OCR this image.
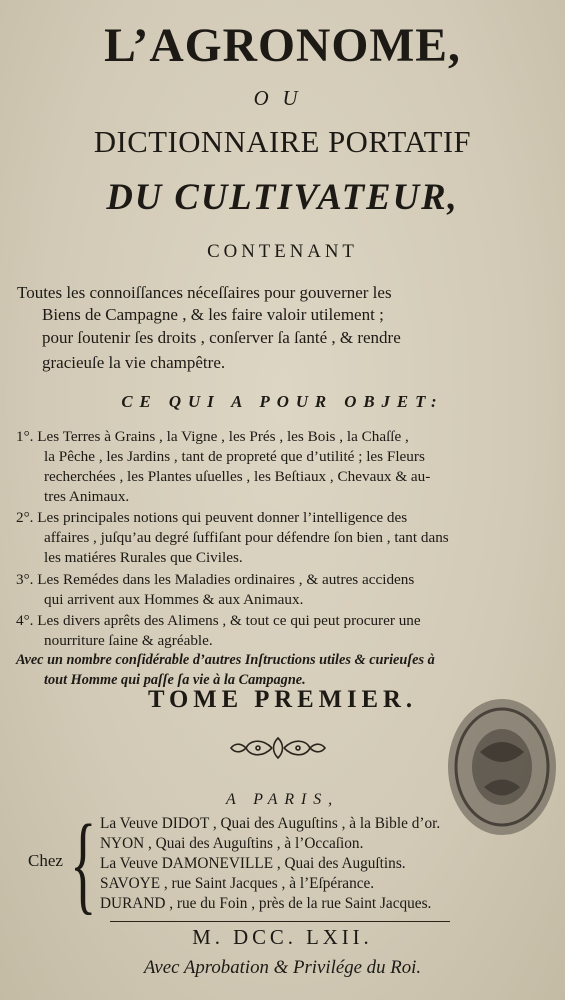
L’AGRONOME,
OU
DICTIONNAIRE PORTATIF
DU CULTIVATEUR,
CONTENANT
Toutes les connoiſſances néceſſaires pour gouverner les
Biens de Campagne , & les faire valoir utilement ;
pour ſoutenir ſes droits , conſerver ſa ſanté , & rendre
gracieuſe la vie champêtre.
CE QUI A POUR OBJET:
1°. Les Terres à Grains , la Vigne , les Prés , les Bois , la Chaſſe ,
la Pêche , les Jardins , tant de propreté que d’utilité ; les Fleurs
recherchées , les Plantes uſuelles , les Beſtiaux , Chevaux & au-
tres Animaux.
2°. Les principales notions qui peuvent donner l’intelligence des
affaires , juſqu’au degré ſuffiſant pour défendre ſon bien , tant dans
les matiéres Rurales que Civiles.
3°. Les Remédes dans les Maladies ordinaires , & autres accidens
qui arrivent aux Hommes & aux Animaux.
4°. Les divers aprêts des Alimens , & tout ce qui peut procurer une
nourriture ſaine & agréable.
Avec un nombre conſidérable d’autres Inſtructions utiles & curieuſes à
tout Homme qui paſſe ſa vie à la Campagne.
TOME PREMIER.
A PARIS,
Chez { La Veuve DIDOT , Quai des Auguſtins , à la Bible d’or.
NYON , Quai des Auguſtins , à l’Occaſion.
La Veuve DAMONEVILLE , Quai des Auguſtins.
SAVOYE , rue Saint Jacques , à l’Eſpérance.
DURAND , rue du Foin , près de la rue Saint Jacques.
M. DCC. LXII.
Avec Aprobation & Privilége du Roi.
